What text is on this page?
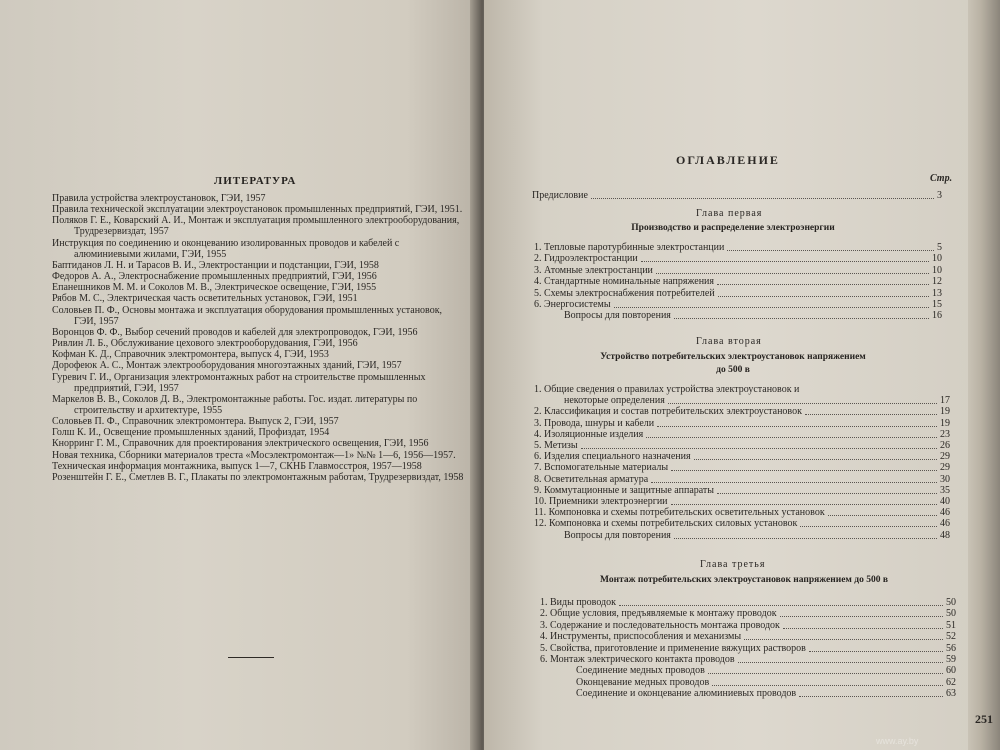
ЛИТЕРАТУРА
Правила устройства электроустановок, ГЭИ, 1957
Правила технической эксплуатации электроустановок промышленных предприятий, ГЭИ, 1951.
Поляков Г. Е., Коварский А. И., Монтаж и эксплуатация промышленного электрооборудования, Трудрезервиздат, 1957
Инструкция по соединению и оконцеванию изолированных проводов и кабелей с алюминиевыми жилами, ГЭИ, 1955
Баптиданов Л. Н. и Тарасов В. И., Электростанции и подстанции, ГЭИ, 1958
Федоров А. А., Электроснабжение промышленных предприятий, ГЭИ, 1956
Епанешников М. М. и Соколов М. В., Электрическое освещение, ГЭИ, 1955
Рябов М. С., Электрическая часть осветительных установок, ГЭИ, 1951
Соловьев П. Ф., Основы монтажа и эксплуатация оборудования промышленных установок, ГЭИ, 1957
Воронцов Ф. Ф., Выбор сечений проводов и кабелей для электропроводок, ГЭИ, 1956
Ривлин Л. Б., Обслуживание цехового электрооборудования, ГЭИ, 1956
Кофман К. Д., Справочник электромонтера, выпуск 4, ГЭИ, 1953
Дорофеюк А. С., Монтаж электрооборудования многоэтажных зданий, ГЭИ, 1957
Гуревич Г. И., Организация электромонтажных работ на строительстве промышленных предприятий, ГЭИ, 1957
Маркелов В. В., Соколов Д. В., Электромонтажные работы. Гос. издат. литературы по строительству и архитектуре, 1955
Соловьев П. Ф., Справочник электромонтера. Выпуск 2, ГЭИ, 1957
Голш К. И., Освещение промышленных зданий, Профиздат, 1954
Кнорринг Г. М., Справочник для проектирования электрического освещения, ГЭИ, 1956
Новая техника, Сборники материалов треста «Мосэлектромонтаж—1» №№ 1—6, 1956—1957.
Техническая информация монтажника, выпуск 1—7, СКНБ Главмосстроя, 1957—1958
Розенштейн Г. Е., Сметлев В. Г., Плакаты по электромонтажным работам, Трудрезервиздат, 1958
ОГЛАВЛЕНИЕ
Стр.
Предисловие	3
Глава первая
Производство и распределение электроэнергии
1. Тепловые паротурбинные электростанции	5
2. Гидроэлектростанции	10
3. Атомные электростанции	10
4. Стандартные номинальные напряжения	12
5. Схемы электроснабжения потребителей	13
6. Энергосистемы	15
Вопросы для повторения	16
Глава вторая
Устройство потребительских электроустановок напряжением
до 500 в
1. Общие сведения о правилах устройства электроустановок и
некоторые определения	17
2. Классификация и состав потребительских электроустановок	19
3. Провода, шнуры и кабели	19
4. Изоляционные изделия	23
5. Метизы	26
6. Изделия специального назначения	29
7. Вспомогательные материалы	29
8. Осветительная арматура	30
9. Коммутационные и защитные аппараты	35
10. Приемники электроэнергии	40
11. Компоновка и схемы потребительских осветительных установок	46
12. Компоновка и схемы потребительских силовых установок	46
Вопросы для повторения	48
Глава третья
Монтаж потребительских электроустановок напряжением до 500 в
1. Виды проводок	50
2. Общие условия, предъявляемые к монтажу проводок	50
3. Содержание и последовательность монтажа проводок	51
4. Инструменты, приспособления и механизмы	52
5. Свойства, приготовление и применение вяжущих растворов	56
6. Монтаж электрического контакта проводов	59
Соединение медных проводов	60
Оконцевание медных проводов	62
Соединение и оконцевание алюминиевых проводов	63
251
www.ay.by
